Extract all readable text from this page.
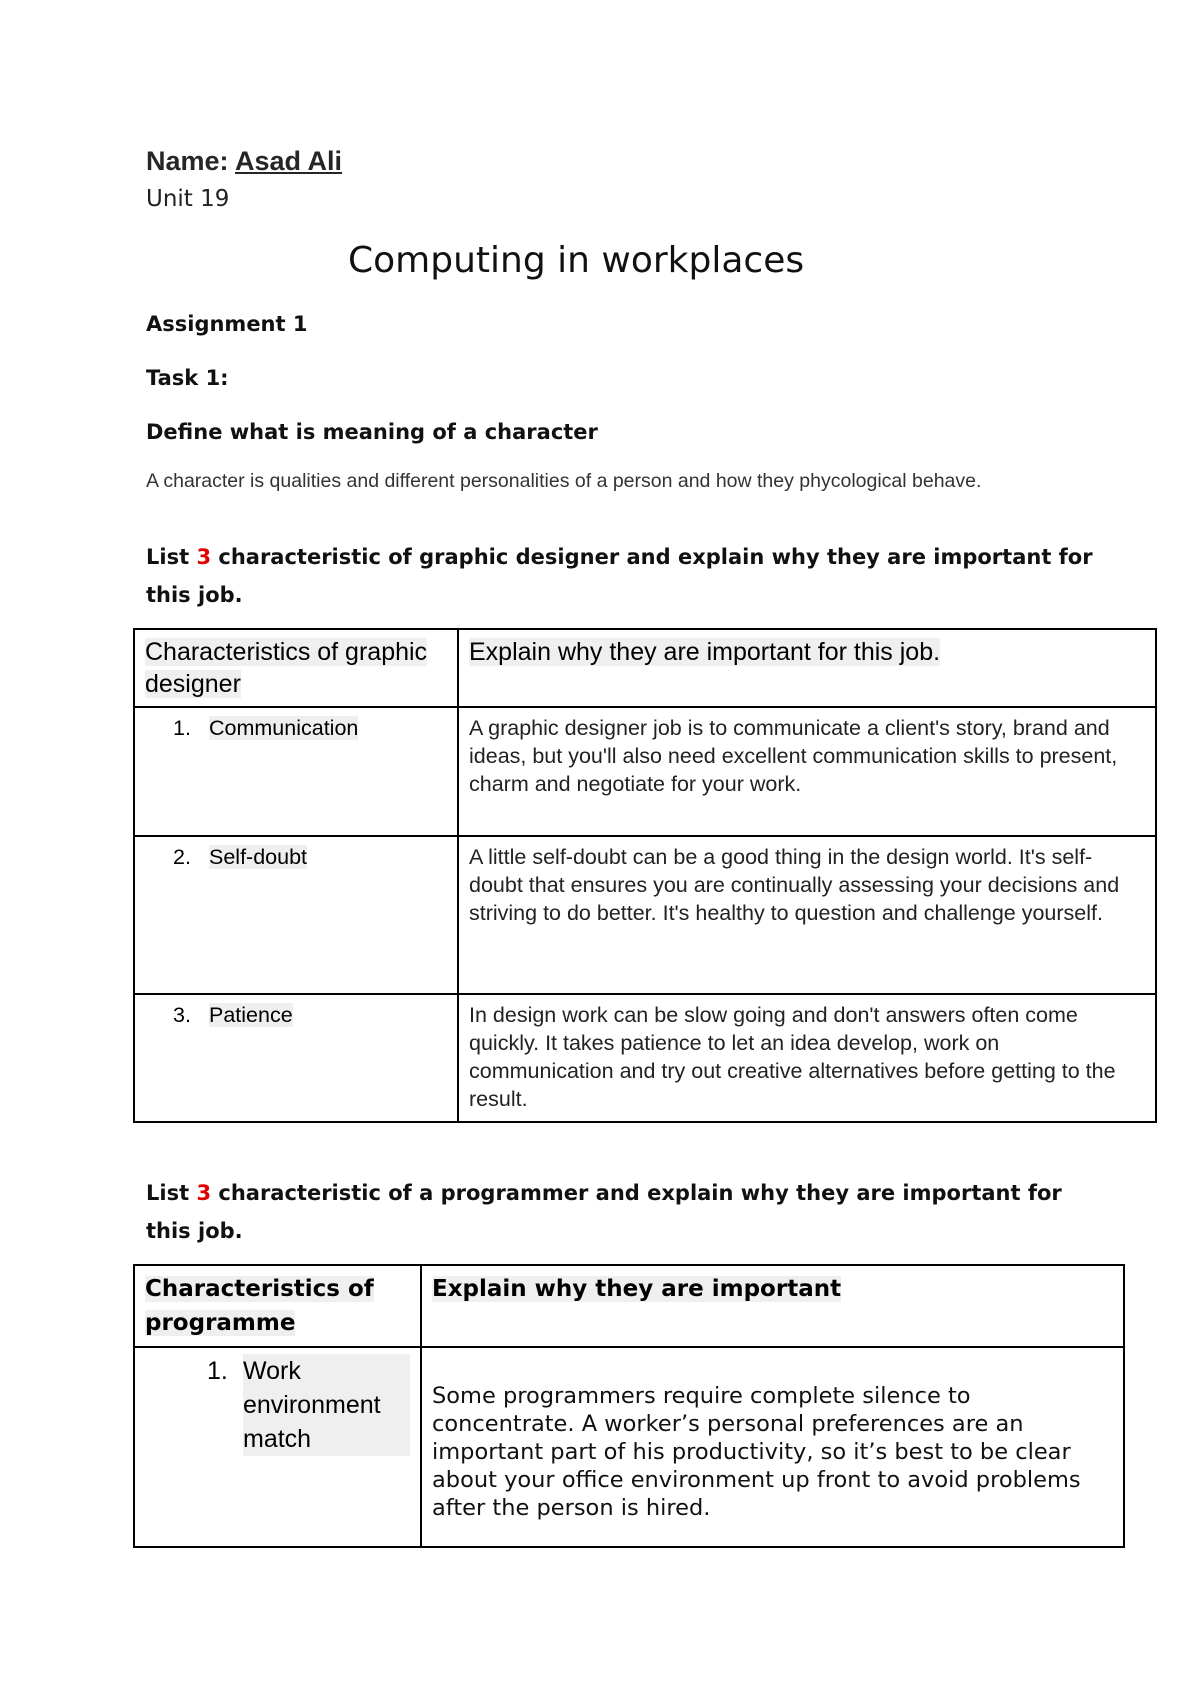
Name: Asad Ali
Unit 19
Computing in workplaces
Assignment 1
Task 1:
Define what is meaning of a character
A character is qualities and different personalities of a person and how they phycological behave.
List 3 characteristic of graphic designer and explain why they are important for this job.
Characteristics of graphic designer	Explain why they are important for this job.
1. Communication	A graphic designer job is to communicate a client's story, brand and ideas, but you'll also need excellent communication skills to present, charm and negotiate for your work.
2. Self-doubt	A little self-doubt can be a good thing in the design world. It's self-doubt that ensures you are continually assessing your decisions and striving to do better. It's healthy to question and challenge yourself.
3. Patience	In design work can be slow going and don't answers often come quickly. It takes patience to let an idea develop, work on communication and try out creative alternatives before getting to the result.
List 3 characteristic of a programmer and explain why they are important for this job.
Characteristics of programme	Explain why they are important

1. Work environment match	Some programmers require complete silence to concentrate. A worker’s personal preferences are an important part of his productivity, so it’s best to be clear about your office environment up front to avoid problems after the person is hired.
